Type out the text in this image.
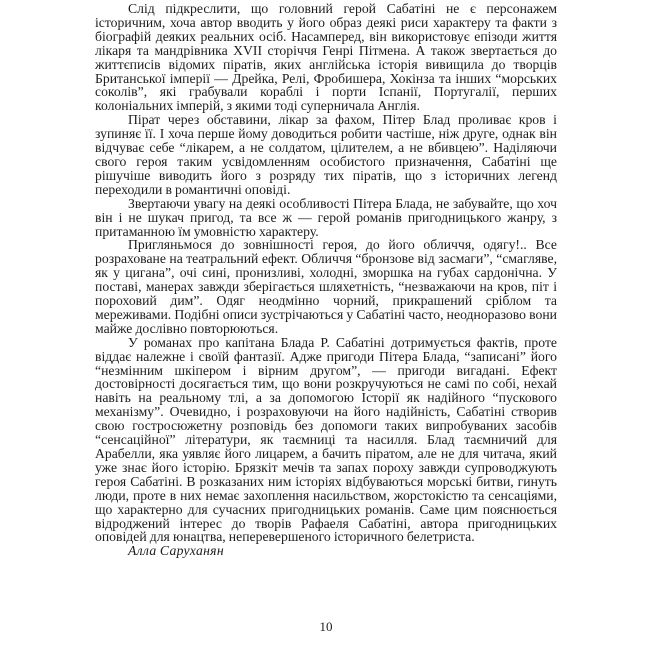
Слід підкреслити, що головний герой Сабатіні не є персонажем історичним, хоча автор вводить у його образ деякі риси характеру та факти з біографій деяких реальних осіб. Насамперед, він використовує епізоди життя лікаря та мандрівника XVII сторіччя Генрі Пітмена. А також звертається до життєписів відомих піратів, яких англійська історія вивищила до творців Британської імперії — Дрейка, Релі, Фробишера, Хокінза та інших “морських соколів”, які грабували кораблі і порти Іспанії, Португалії, перших колоніальних імперій, з якими тоді суперничала Англія.

Пірат через обставини, лікар за фахом, Пітер Блад проливає кров і зупиняє її. І хоча перше йому доводиться робити частіше, ніж друге, однак він відчуває себе “лікарем, а не солдатом, цілителем, а не вбивцею”. Наділяючи свого героя таким усвідомленням особистого призначення, Сабатіні ще рішучіше виводить його з розряду тих піратів, що з історичних легенд переходили в романтичні оповіді.

Звертаючи увагу на деякі особливості Пітера Блада, не забувайте, що хоч він і не шукач пригод, та все ж — герой романів пригодницького жанру, з притаманною їм умовністю характеру.

Пригляньмося до зовнішності героя, до його обличчя, одягу!.. Все розраховане на театральний ефект. Обличчя “бронзове від засмаги”, “смагляве, як у цигана”, очі сині, пронизливі, холодні, зморшка на губах сардонічна. У поставі, манерах завжди зберігається шляхетність, “незважаючи на кров, піт і пороховий дим”. Одяг неодмінно чорний, прикрашений сріблом та мереживами. Подібні описи зустрічаються у Сабатіні часто, неодноразово вони майже дослівно повторюються.

У романах про капітана Блада Р. Сабатіні дотримується фактів, проте віддає належне і своїй фантазії. Адже пригоди Пітера Блада, “записані” його “незмінним шкіпером і вірним другом”, — пригоди вигадані. Ефект достовірності досягається тим, що вони розкручуються не самі по собі, нехай навіть на реальному тлі, а за допомогою Історії як надійного “пускового механізму”. Очевидно, і розраховуючи на його надійність, Сабатіні створив свою гостросюжетну розповідь без допомоги таких випробуваних засобів “сенсаційної” літератури, як таємниці та насилля. Блад таємничий для Арабелли, яка уявляє його лицарем, а бачить піратом, але не для читача, який уже знає його історію. Брязкіт мечів та запах пороху завжди супроводжують героя Сабатіні. В розказаних ним історіях відбуваються морські битви, гинуть люди, проте в них немає захоплення насильством, жорстокістю та сенсаціями, що характерно для сучасних пригодницьких романів. Саме цим пояснюється відроджений інтерес до творів Рафаеля Сабатіні, автора пригодницьких оповідей для юнацтва, неперевершеного історичного белетриста.

Алла Саруханян

10
